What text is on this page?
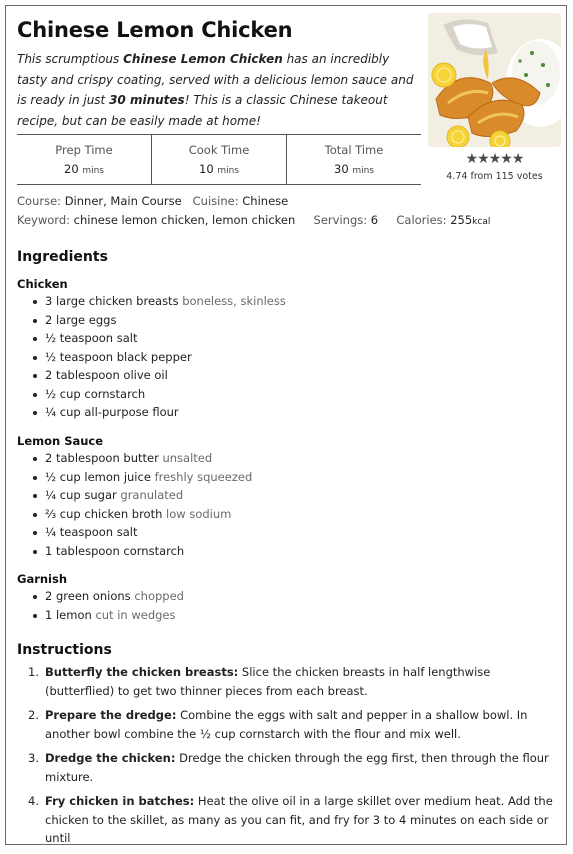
Chinese Lemon Chicken
This scrumptious Chinese Lemon Chicken has an incredibly tasty and crispy coating, served with a delicious lemon sauce and is ready in just 30 minutes! This is a classic Chinese takeout recipe, but can be easily made at home!
★★★★★
4.74 from 115 votes
Prep Time
20 mins
Cook Time
10 mins
Total Time
30 mins
Course: Dinner, Main Course Cuisine: Chinese
Keyword: chinese lemon chicken, lemon chicken Servings: 6 Calories: 255kcal
Ingredients
Chicken
3 large chicken breasts boneless, skinless
2 large eggs
½ teaspoon salt
½ teaspoon black pepper
2 tablespoon olive oil
½ cup cornstarch
¼ cup all-purpose flour
Lemon Sauce
2 tablespoon butter unsalted
½ cup lemon juice freshly squeezed
¼ cup sugar granulated
⅔ cup chicken broth low sodium
¼ teaspoon salt
1 tablespoon cornstarch
Garnish
2 green onions chopped
1 lemon cut in wedges
Instructions
1. Butterfly the chicken breasts: Slice the chicken breasts in half lengthwise (butterflied) to get two thinner pieces from each breast.
2. Prepare the dredge: Combine the eggs with salt and pepper in a shallow bowl. In another bowl combine the ½ cup cornstarch with the flour and mix well.
3. Dredge the chicken: Dredge the chicken through the egg first, then through the flour mixture.
4. Fry chicken in batches: Heat the olive oil in a large skillet over medium heat. Add the chicken to the skillet, as many as you can fit, and fry for 3 to 4 minutes on each side or until
